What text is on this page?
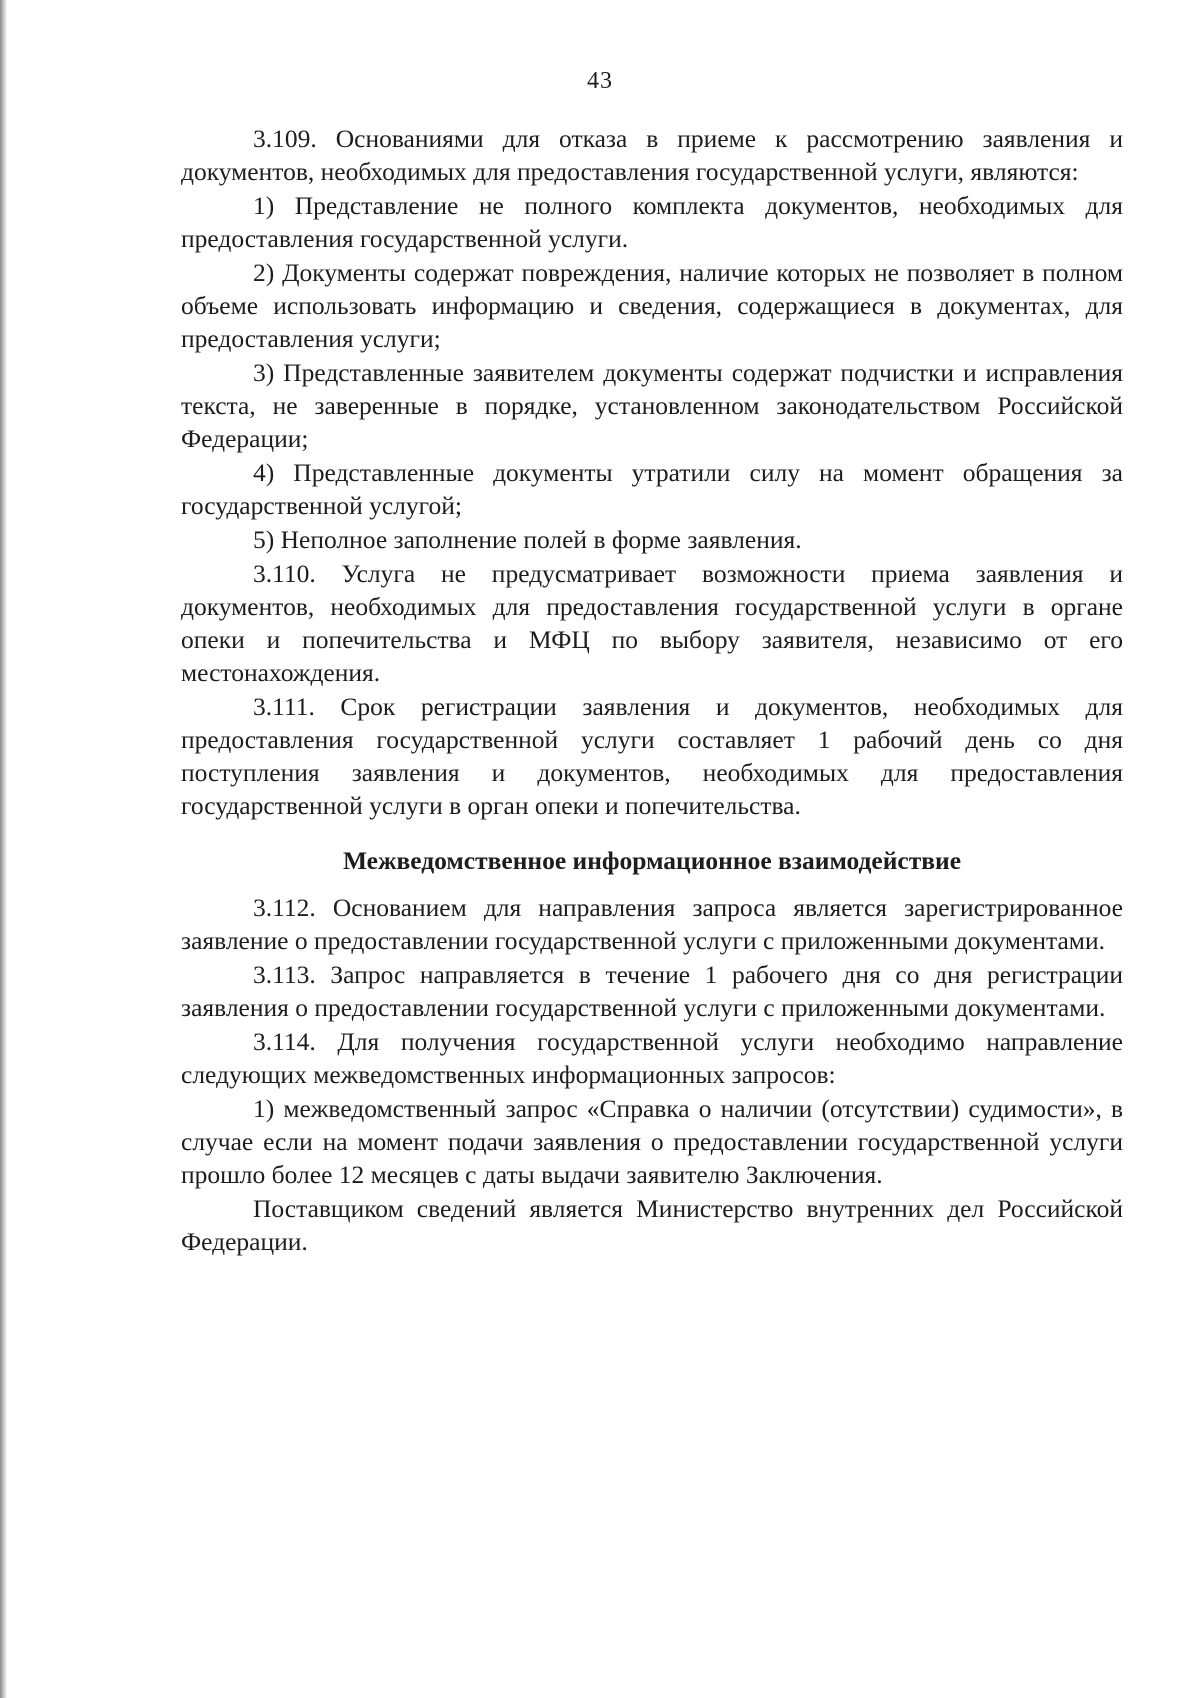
43

3.109. Основаниями для отказа в приеме к рассмотрению заявления и документов, необходимых для предоставления государственной услуги, являются:

1) Представление не полного комплекта документов, необходимых для предоставления государственной услуги.

2) Документы содержат повреждения, наличие которых не позволяет в полном объеме использовать информацию и сведения, содержащиеся в документах, для предоставления услуги;

3) Представленные заявителем документы содержат подчистки и исправления текста, не заверенные в порядке, установленном законодательством Российской Федерации;

4) Представленные документы утратили силу на момент обращения за государственной услугой;

5) Неполное заполнение полей в форме заявления.

3.110. Услуга не предусматривает возможности приема заявления и документов, необходимых для предоставления государственной услуги в органе опеки и попечительства и МФЦ по выбору заявителя, независимо от его местонахождения.

3.111. Срок регистрации заявления и документов, необходимых для предоставления государственной услуги составляет 1 рабочий день со дня поступления заявления и документов, необходимых для предоставления государственной услуги в орган опеки и попечительства.

Межведомственное информационное взаимодействие

3.112. Основанием для направления запроса является зарегистрированное заявление о предоставлении государственной услуги с приложенными документами.

3.113. Запрос направляется в течение 1 рабочего дня со дня регистрации заявления о предоставлении государственной услуги с приложенными документами.

3.114. Для получения государственной услуги необходимо направление следующих межведомственных информационных запросов:

1) межведомственный запрос «Справка о наличии (отсутствии) судимости», в случае если на момент подачи заявления о предоставлении государственной услуги прошло более 12 месяцев с даты выдачи заявителю Заключения.

Поставщиком сведений является Министерство внутренних дел Российской Федерации.
